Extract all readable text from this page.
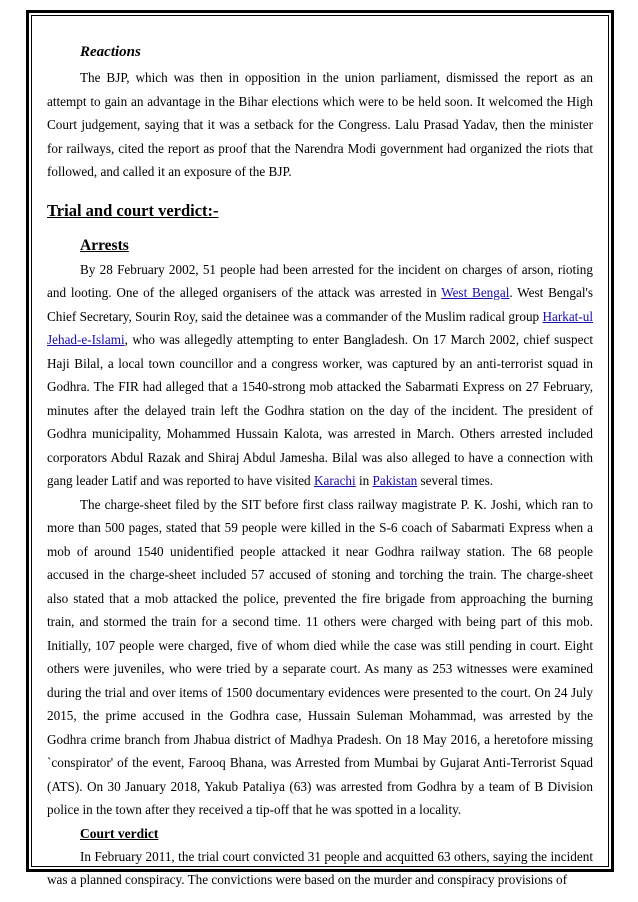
Reactions

The BJP, which was then in opposition in the union parliament, dismissed the report as an attempt to gain an advantage in the Bihar elections which were to be held soon. It welcomed the High Court judgement, saying that it was a setback for the Congress. Lalu Prasad Yadav, then the minister for railways, cited the report as proof that the Narendra Modi government had organized the riots that followed, and called it an exposure of the BJP.

Trial and court verdict:-
Arrests

By 28 February 2002, 51 people had been arrested for the incident on charges of arson, rioting and looting. One of the alleged organisers of the attack was arrested in West Bengal. West Bengal's Chief Secretary, Sourin Roy, said the detainee was a commander of the Muslim radical group Harkat-ul Jehad-e-Islami, who was allegedly attempting to enter Bangladesh. On 17 March 2002, chief suspect Haji Bilal, a local town councillor and a congress worker, was captured by an anti-terrorist squad in Godhra. The FIR had alleged that a 1540-strong mob attacked the Sabarmati Express on 27 February, minutes after the delayed train left the Godhra station on the day of the incident. The president of Godhra municipality, Mohammed Hussain Kalota, was arrested in March. Others arrested included corporators Abdul Razak and Shiraj Abdul Jamesha. Bilal was also alleged to have a connection with gang leader Latif and was reported to have visited Karachi in Pakistan several times.

The charge-sheet filed by the SIT before first class railway magistrate P. K. Joshi, which ran to more than 500 pages, stated that 59 people were killed in the S-6 coach of Sabarmati Express when a mob of around 1540 unidentified people attacked it near Godhra railway station. The 68 people accused in the charge-sheet included 57 accused of stoning and torching the train. The charge-sheet also stated that a mob attacked the police, prevented the fire brigade from approaching the burning train, and stormed the train for a second time. 11 others were charged with being part of this mob. Initially, 107 people were charged, five of whom died while the case was still pending in court. Eight others were juveniles, who were tried by a separate court. As many as 253 witnesses were examined during the trial and over items of 1500 documentary evidences were presented to the court. On 24 July 2015, the prime accused in the Godhra case, Hussain Suleman Mohammad, was arrested by the Godhra crime branch from Jhabua district of Madhya Pradesh. On 18 May 2016, a heretofore missing `conspirator' of the event, Farooq Bhana, was Arrested from Mumbai by Gujarat Anti-Terrorist Squad (ATS). On 30 January 2018, Yakub Pataliya (63) was arrested from Godhra by a team of B Division police in the town after they received a tip-off that he was spotted in a locality.

Court verdict

In February 2011, the trial court convicted 31 people and acquitted 63 others, saying the incident was a planned conspiracy. The convictions were based on the murder and conspiracy provisions of
